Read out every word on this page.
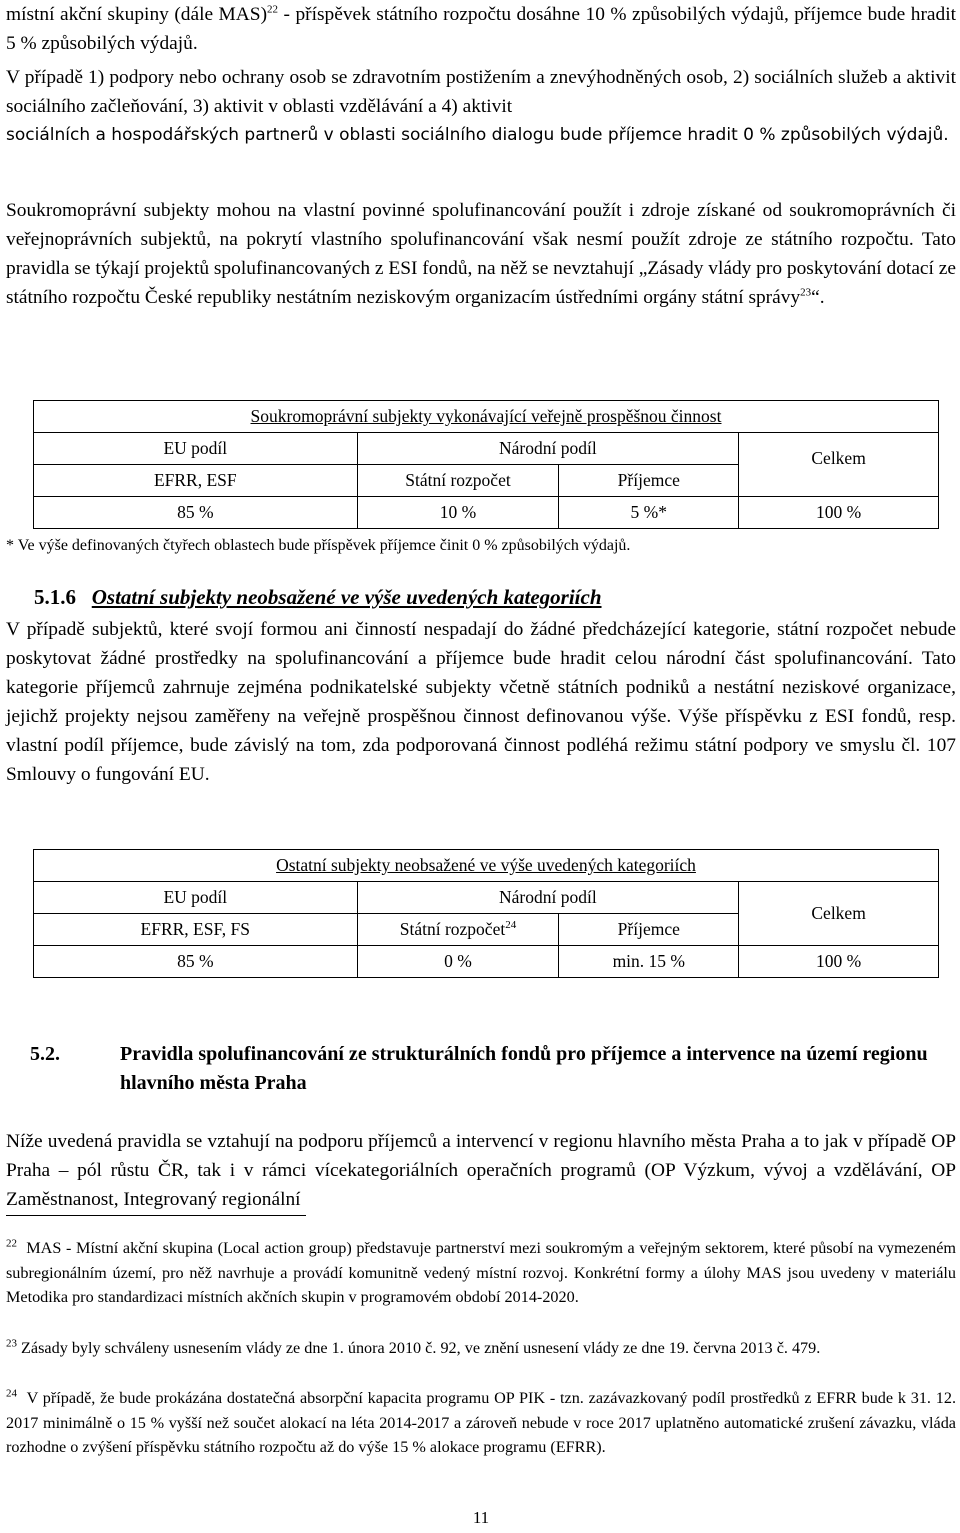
místní akční skupiny (dále MAS)$^{22}$ - příspěvek státního rozpočtu dosáhne 10 % způsobilých výdajů, příjemce bude hradit 5 % způsobilých výdajů.

V případě 1) podpory nebo ochrany osob se zdravotním postižením a znevýhodněných osob, 2) sociálních služeb a aktivit sociálního začleňování, 3) aktivit v oblasti vzdělávání a 4) aktivit

sociálních a hospodářských partnerů v oblasti sociálního dialogu bude příjemce hradit 0 % způsobilých výdajů.

Soukromoprávní subjekty mohou na vlastní povinné spolufinancování použít i zdroje získané od soukromoprávních či veřejnoprávních subjektů, na pokrytí vlastního spolufinancování však nesmí použít zdroje ze státního rozpočtu. Tato pravidla se týkají projektů spolufinancovaných z ESI fondů, na něž se nevztahují „Zásady vlády pro poskytování dotací ze státního rozpočtu České republiky nestátním neziskovým organizacím ústředními orgány státní správy$^{23}$“.

Soukromoprávní subjekty vykonávající veřejně prospěšnou činnost			
EU podíl	Národní podíl		Celkem
EFRR, ESF	Státní rozpočet	Příjemce	
85 %	10 %	5 %*	100 %
* Ve výše definovaných čtyřech oblastech bude příspěvek příjemce činit 0 % způsobilých výdajů.
5.1.6 Ostatní subjekty neobsažené ve výše uvedených kategoriích

V případě subjektů, které svojí formou ani činností nespadají do žádné předcházející kategorie, státní rozpočet nebude poskytovat žádné prostředky na spolufinancování a příjemce bude hradit celou národní část spolufinancování. Tato kategorie příjemců zahrnuje zejména podnikatelské subjekty včetně státních podniků a nestátní neziskové organizace, jejichž projekty nejsou zaměřeny na veřejně prospěšnou činnost definovanou výše. Výše příspěvku z ESI fondů, resp. vlastní podíl příjemce, bude závislý na tom, zda podporovaná činnost podléhá režimu státní podpory ve smyslu čl. 107 Smlouvy o fungování EU.

Ostatní subjekty neobsažené ve výše uvedených kategoriích			
EU podíl	Národní podíl		Celkem
EFRR, ESF, FS	Státní rozpočet$^{24}$	Příjemce	
85 %	0 %	min. 15 %	100 %
5.2.	Pravidla spolufinancování ze strukturálních fondů pro příjemce a intervence na území regionu hlavního města Praha

Níže uvedená pravidla se vztahují na podporu příjemců a intervencí v regionu hlavního města Praha a to jak v případě OP Praha – pól růstu ČR, tak i v rámci vícekategoriálních operačních programů (OP Výzkum, vývoj a vzdělávání, OP Zaměstnanost, Integrovaný regionální

$^{22}$ MAS - Místní akční skupina (Local action group) představuje partnerství mezi soukromým a veřejným sektorem, které působí na vymezeném subregionálním území, pro něž navrhuje a provádí komunitně vedený místní rozvoj. Konkrétní formy a úlohy MAS jsou uvedeny v materiálu Metodika pro standardizaci místních akčních skupin v programovém období 2014-2020.

$^{23}$ Zásady byly schváleny usnesením vlády ze dne 1. února 2010 č. 92, ve znění usnesení vlády ze dne 19. června 2013 č. 479.

$^{24}$ V případě, že bude prokázána dostatečná absorpční kapacita programu OP PIK - tzn. zazávazkovaný podíl prostředků z EFRR bude k 31. 12. 2017 minimálně o 15 % vyšší než součet alokací na léta 2014-2017 a zároveň nebude v roce 2017 uplatněno automatické zrušení závazku, vláda rozhodne o zvýšení příspěvku státního rozpočtu až do výše 15 % alokace programu (EFRR).

11
